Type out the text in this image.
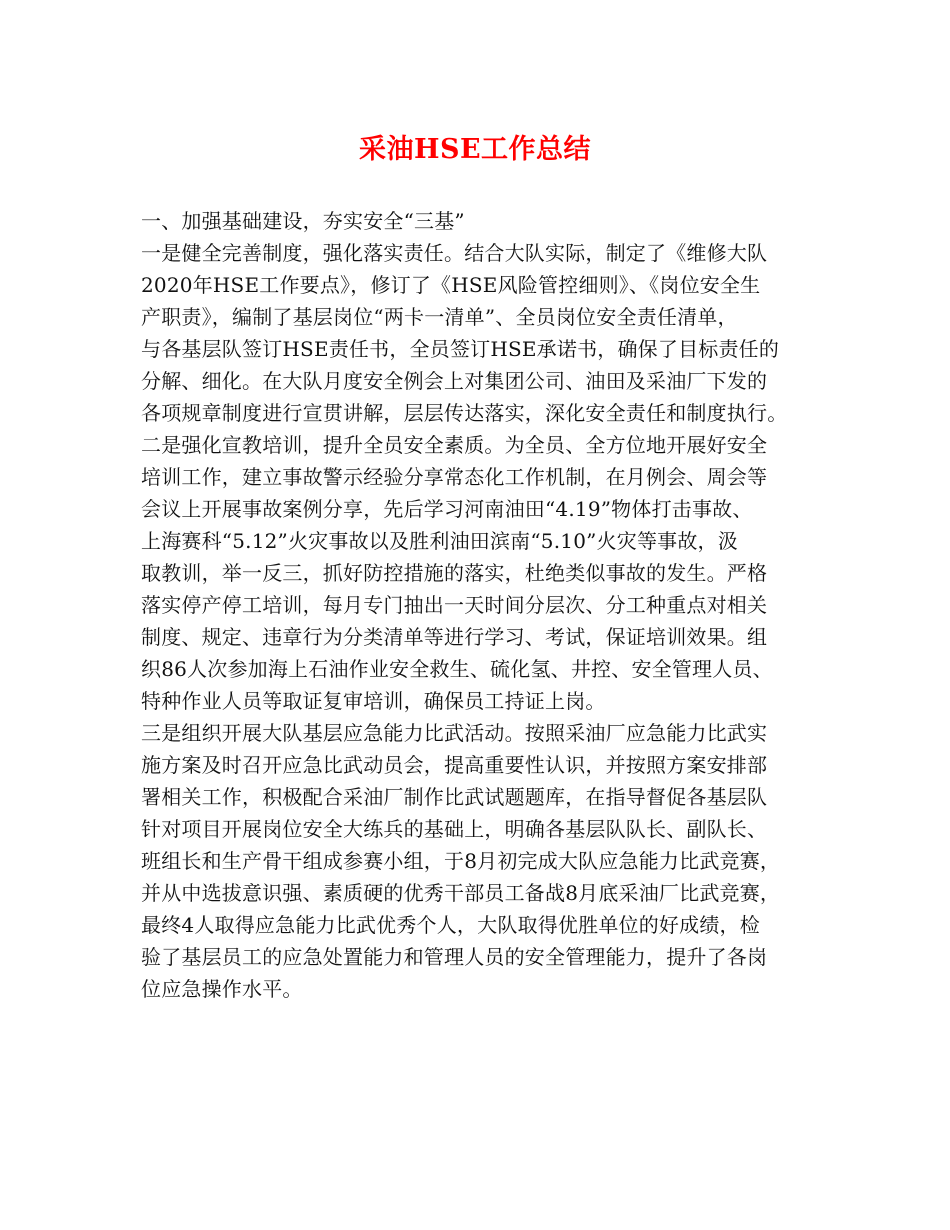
采油HSE工作总结
一、加强基础建设，夯实安全“三基”
一是健全完善制度，强化落实责任。结合大队实际，制定了《维修大队
2020年HSE工作要点》，修订了《HSE风险管控细则》、《岗位安全生
产职责》，编制了基层岗位“两卡一清单”、全员岗位安全责任清单，
与各基层队签订HSE责任书，全员签订HSE承诺书，确保了目标责任的
分解、细化。在大队月度安全例会上对集团公司、油田及采油厂下发的
各项规章制度进行宣贯讲解，层层传达落实，深化安全责任和制度执行。
二是强化宣教培训，提升全员安全素质。为全员、全方位地开展好安全
培训工作，建立事故警示经验分享常态化工作机制，在月例会、周会等
会议上开展事故案例分享，先后学习河南油田“4.19”物体打击事故、
上海赛科“5.12”火灾事故以及胜利油田滨南“5.10”火灾等事故，汲
取教训，举一反三，抓好防控措施的落实，杜绝类似事故的发生。严格
落实停产停工培训，每月专门抽出一天时间分层次、分工种重点对相关
制度、规定、违章行为分类清单等进行学习、考试，保证培训效果。组
织86人次参加海上石油作业安全救生、硫化氢、井控、安全管理人员、
特种作业人员等取证复审培训，确保员工持证上岗。
三是组织开展大队基层应急能力比武活动。按照采油厂应急能力比武实
施方案及时召开应急比武动员会，提高重要性认识，并按照方案安排部
署相关工作，积极配合采油厂制作比武试题题库，在指导督促各基层队
针对项目开展岗位安全大练兵的基础上，明确各基层队队长、副队长、
班组长和生产骨干组成参赛小组，于8月初完成大队应急能力比武竞赛，
并从中选拔意识强、素质硬的优秀干部员工备战8月底采油厂比武竞赛，
最终4人取得应急能力比武优秀个人，大队取得优胜单位的好成绩，检
验了基层员工的应急处置能力和管理人员的安全管理能力，提升了各岗
位应急操作水平。
